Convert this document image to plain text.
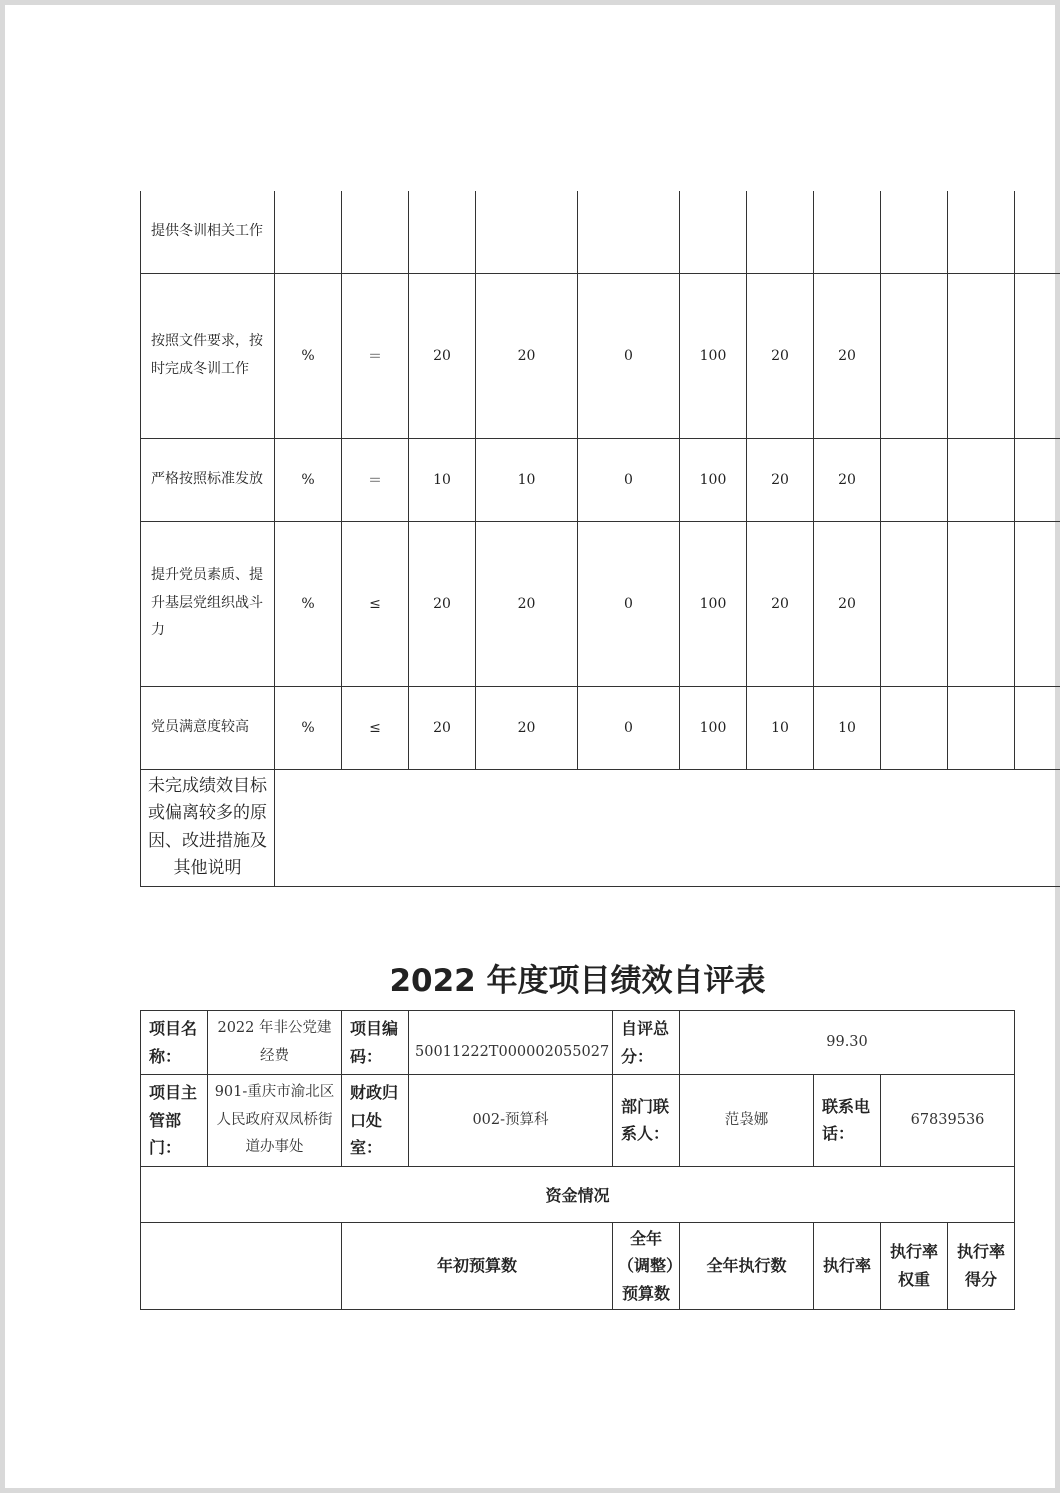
提供冬训相关工作											
按照文件要求，按时完成冬训工作	%	＝	20	20	0	100	20	20			
严格按照标准发放	%	＝	10	10	0	100	20	20			
提升党员素质、提升基层党组织战斗力	%	≤	20	20	0	100	20	20			
党员满意度较高	%	≤	20	20	0	100	10	10			
未完成绩效目标或偏离较多的原因、改进措施及其他说明											
2022 年度项目绩效自评表
项目名称：	2022 年非公党建经费	项目编码：	50011222T000002055027	自评总分：	99.30			
项目主管部门：	901-重庆市渝北区人民政府双凤桥街道办事处	财政归口处室：	002-预算科	部门联系人：	范袅娜	联系电话：	67839536	
资金情况								
		年初预算数		全年（调整）预算数	全年执行数	执行率	执行率权重	执行率得分
